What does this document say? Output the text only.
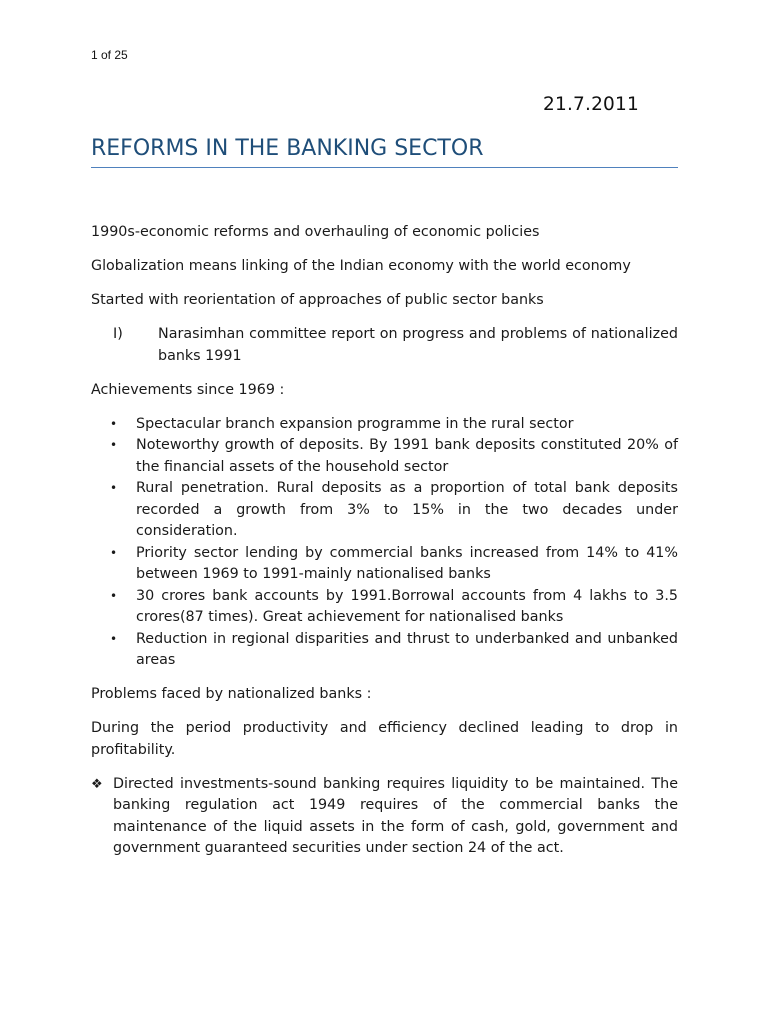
1 of 25
21.7.2011
REFORMS IN THE BANKING SECTOR

1990s-economic reforms and overhauling of economic policies

Globalization means linking of the Indian economy with the world economy

Started with reorientation of approaches of public sector banks

I)	Narasimhan committee report on progress and problems of nationalized banks 1991

Achievements since 1969 :

•	Spectacular branch expansion programme in the rural sector
•	Noteworthy growth of deposits. By 1991 bank deposits constituted 20% of the financial assets of the household sector
•	Rural penetration. Rural deposits as a proportion of total bank deposits recorded a growth from 3% to 15% in the two decades under consideration.
•	Priority sector lending by commercial banks increased from 14% to 41% between 1969 to 1991-mainly nationalised banks
•	30 crores bank accounts by 1991.Borrowal accounts from 4 lakhs to 3.5 crores(87 times). Great achievement for nationalised banks
•	Reduction in regional disparities and thrust to underbanked and unbanked areas

Problems faced by nationalized banks :

During the period productivity and efficiency declined leading to drop in profitability.

❖ Directed investments-sound banking requires liquidity to be maintained. The banking regulation act 1949 requires of the commercial banks the maintenance of the liquid assets in the form of cash, gold, government and government guaranteed securities under section 24 of the act.
